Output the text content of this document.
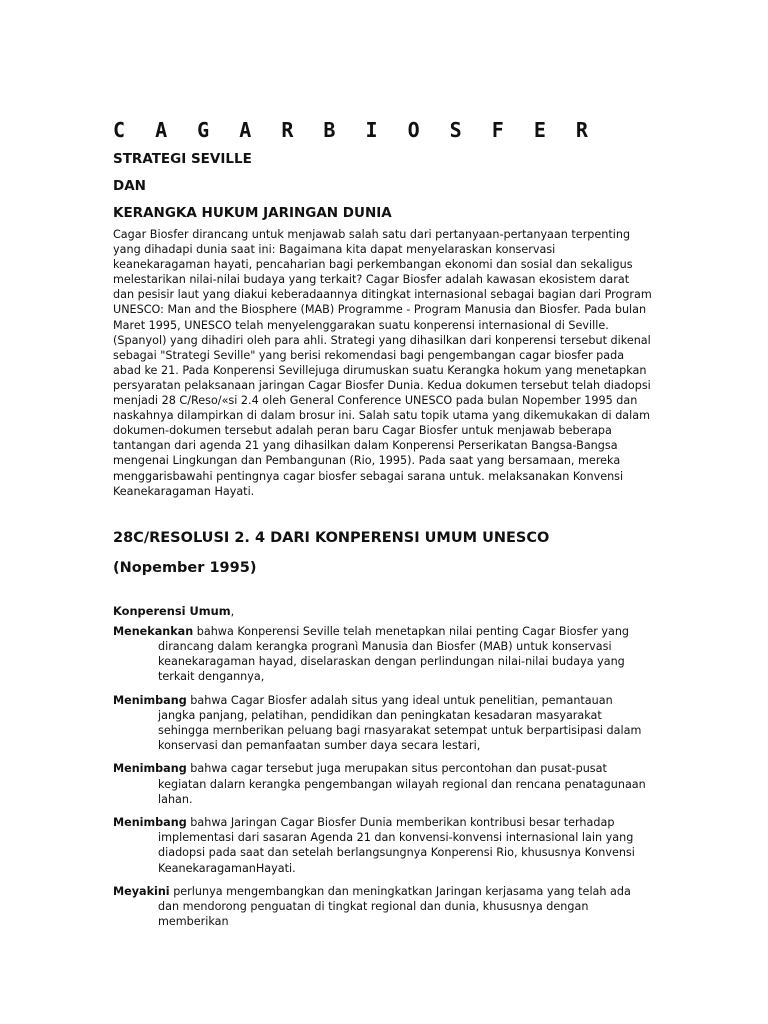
C A G A R B I O S F E R

STRATEGI SEVILLE

DAN

KERANGKA HUKUM JARINGAN DUNIA

Cagar Biosfer dirancang untuk menjawab salah satu dari pertanyaan-pertanyaan terpenting yang dihadapi dunia saat ini: Bagaimana kita dapat menyelaraskan konservasi keanekaragaman hayati, pencaharian bagi perkembangan ekonomi dan sosial dan sekaligus melestarikan nilai-nilai budaya yang terkait? Cagar Biosfer adalah kawasan ekosistem darat dan pesisir laut yang diakui keberadaannya ditingkat internasional sebagai bagian dari Program UNESCO: Man and the Biosphere (MAB) Programme - Program Manusia dan Biosfer. Pada bulan Maret 1995, UNESCO telah menyelenggarakan suatu konperensi internasional di Seville.(Spanyol) yang dihadiri oleh para ahli. Strategi yang dihasilkan dari konperensi tersebut dikenal sebagai "Strategi Seville" yang berisi rekomendasi bagi pengembangan cagar biosfer pada abad ke 21. Pada Konperensi Sevillejuga dirumuskan suatu Kerangka hokum yang menetapkan persyaratan pelaksanaan jaringan Cagar Biosfer Dunia. Kedua dokumen tersebut telah diadopsi menjadi 28 C/Reso/«si 2.4 oleh General Conference UNESCO pada bulan Nopember 1995 dan naskahnya dilampirkan di dalam brosur ini. Salah satu topik utama yang dikemukakan di dalam dokumen-dokumen tersebut adalah peran baru Cagar Biosfer untuk menjawab beberapa tantangan dari agenda 21 yang dihasilkan dalam Konperensi Perserikatan Bangsa-Bangsa mengenai Lingkungan dan Pembangunan (Rio, 1995). Pada saat yang bersamaan, mereka menggarisbawahi pentingnya cagar biosfer sebagai sarana untuk. melaksanakan Konvensi Keanekaragaman Hayati.

28C/RESOLUSI 2. 4 DARI KONPERENSI UMUM UNESCO

(Nopember 1995)

Konperensi Umum,

Menekankan bahwa Konperensi Seville telah menetapkan nilai penting Cagar Biosfer yang dirancang dalam kerangka progranì Manusia dan Biosfer (MAB) untuk konservasi keanekaragaman hayad, diselaraskan dengan perlindungan nilai-nilai budaya yang terkait dengannya,

Menimbang bahwa Cagar Biosfer adalah situs yang ideal untuk penelitian, pemantauan jangka panjang, pelatihan, pendidikan dan peningkatan kesadaran masyarakat sehingga mernberikan peluang bagi rnasyarakat setempat untuk berpartisipasi dalam konservasi dan pemanfaatan sumber daya secara lestari,

Menimbang bahwa cagar tersebut juga merupakan situs percontohan dan pusat-pusat kegiatan dalarn kerangka pengembangan wilayah regional dan rencana penatagunaan lahan.

Menimbang bahwa Jaringan Cagar Biosfer Dunia memberikan kontribusi besar terhadap implementasi dari sasaran Agenda 21 dan konvensi-konvensi internasional lain yang diadopsi pada saat dan setelah berlangsungnya Konperensi Rio, khususnya Konvensi KeanekaragamanHayati.

Meyakini perlunya mengembangkan dan meningkatkan Jaringan kerjasama yang telah ada dan mendorong penguatan di tingkat regional dan dunia, khususnya dengan memberikan
